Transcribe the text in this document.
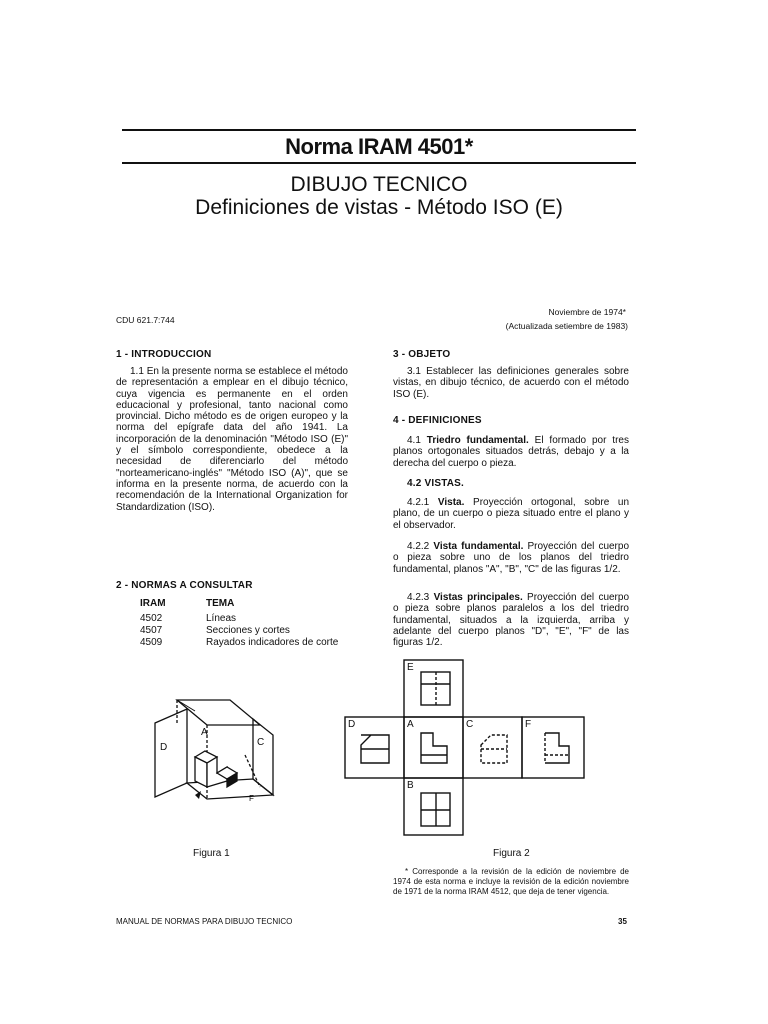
Norma IRAM 4501*
DIBUJO TECNICO
Definiciones de vistas - Método ISO (E)
CDU 621.7:744
Noviembre de 1974*
(Actualizada setiembre de 1983)
1 - INTRODUCCION
1.1 En la presente norma se establece el método de representación a emplear en el dibujo técnico, cuya vigencia es permanente en el orden educacional y profesional, tanto nacional como provincial. Dicho método es de origen europeo y la norma del epígrafe data del año 1941. La incorporación de la denominación "Método ISO (E)" y el símbolo correspondiente, obedece a la necesidad de diferenciarlo del método "norteamericano-inglés" "Método ISO (A)", que se informa en la presente norma, de acuerdo con la recomendación de la International Organization for Standardization (ISO).
2 - NORMAS A CONSULTAR
IRAM	TEMA
4502	Líneas
4507	Secciones y cortes
4509	Rayados indicadores de corte
3 - OBJETO
3.1 Establecer las definiciones generales sobre vistas, en dibujo técnico, de acuerdo con el método ISO (E).
4 - DEFINICIONES
4.1 Triedro fundamental. El formado por tres planos ortogonales situados detrás, debajo y a la derecha del cuerpo o pieza.
4.2 VISTAS.
4.2.1 Vista. Proyección ortogonal, sobre un plano, de un cuerpo o pieza situado entre el plano y el observador.
4.2.2 Vista fundamental. Proyección del cuerpo o pieza sobre uno de los planos del triedro fundamental, planos "A", "B", "C" de las figuras 1/2.
4.2.3 Vistas principales. Proyección del cuerpo o pieza sobre planos paralelos a los del triedro fundamental, situados a la izquierda, arriba y adelante del cuerpo planos "D", "E", "F" de las figuras 1/2.
A
D	C
F
Figura 1
E
D	A	C	F
B
Figura 2
* Corresponde a la revisión de la edición de noviembre de 1974 de esta norma e incluye la revisión de la edición noviembre de 1971 de la norma IRAM 4512, que deja de tener vigencia.
MANUAL DE NORMAS PARA DIBUJO TECNICO	35
